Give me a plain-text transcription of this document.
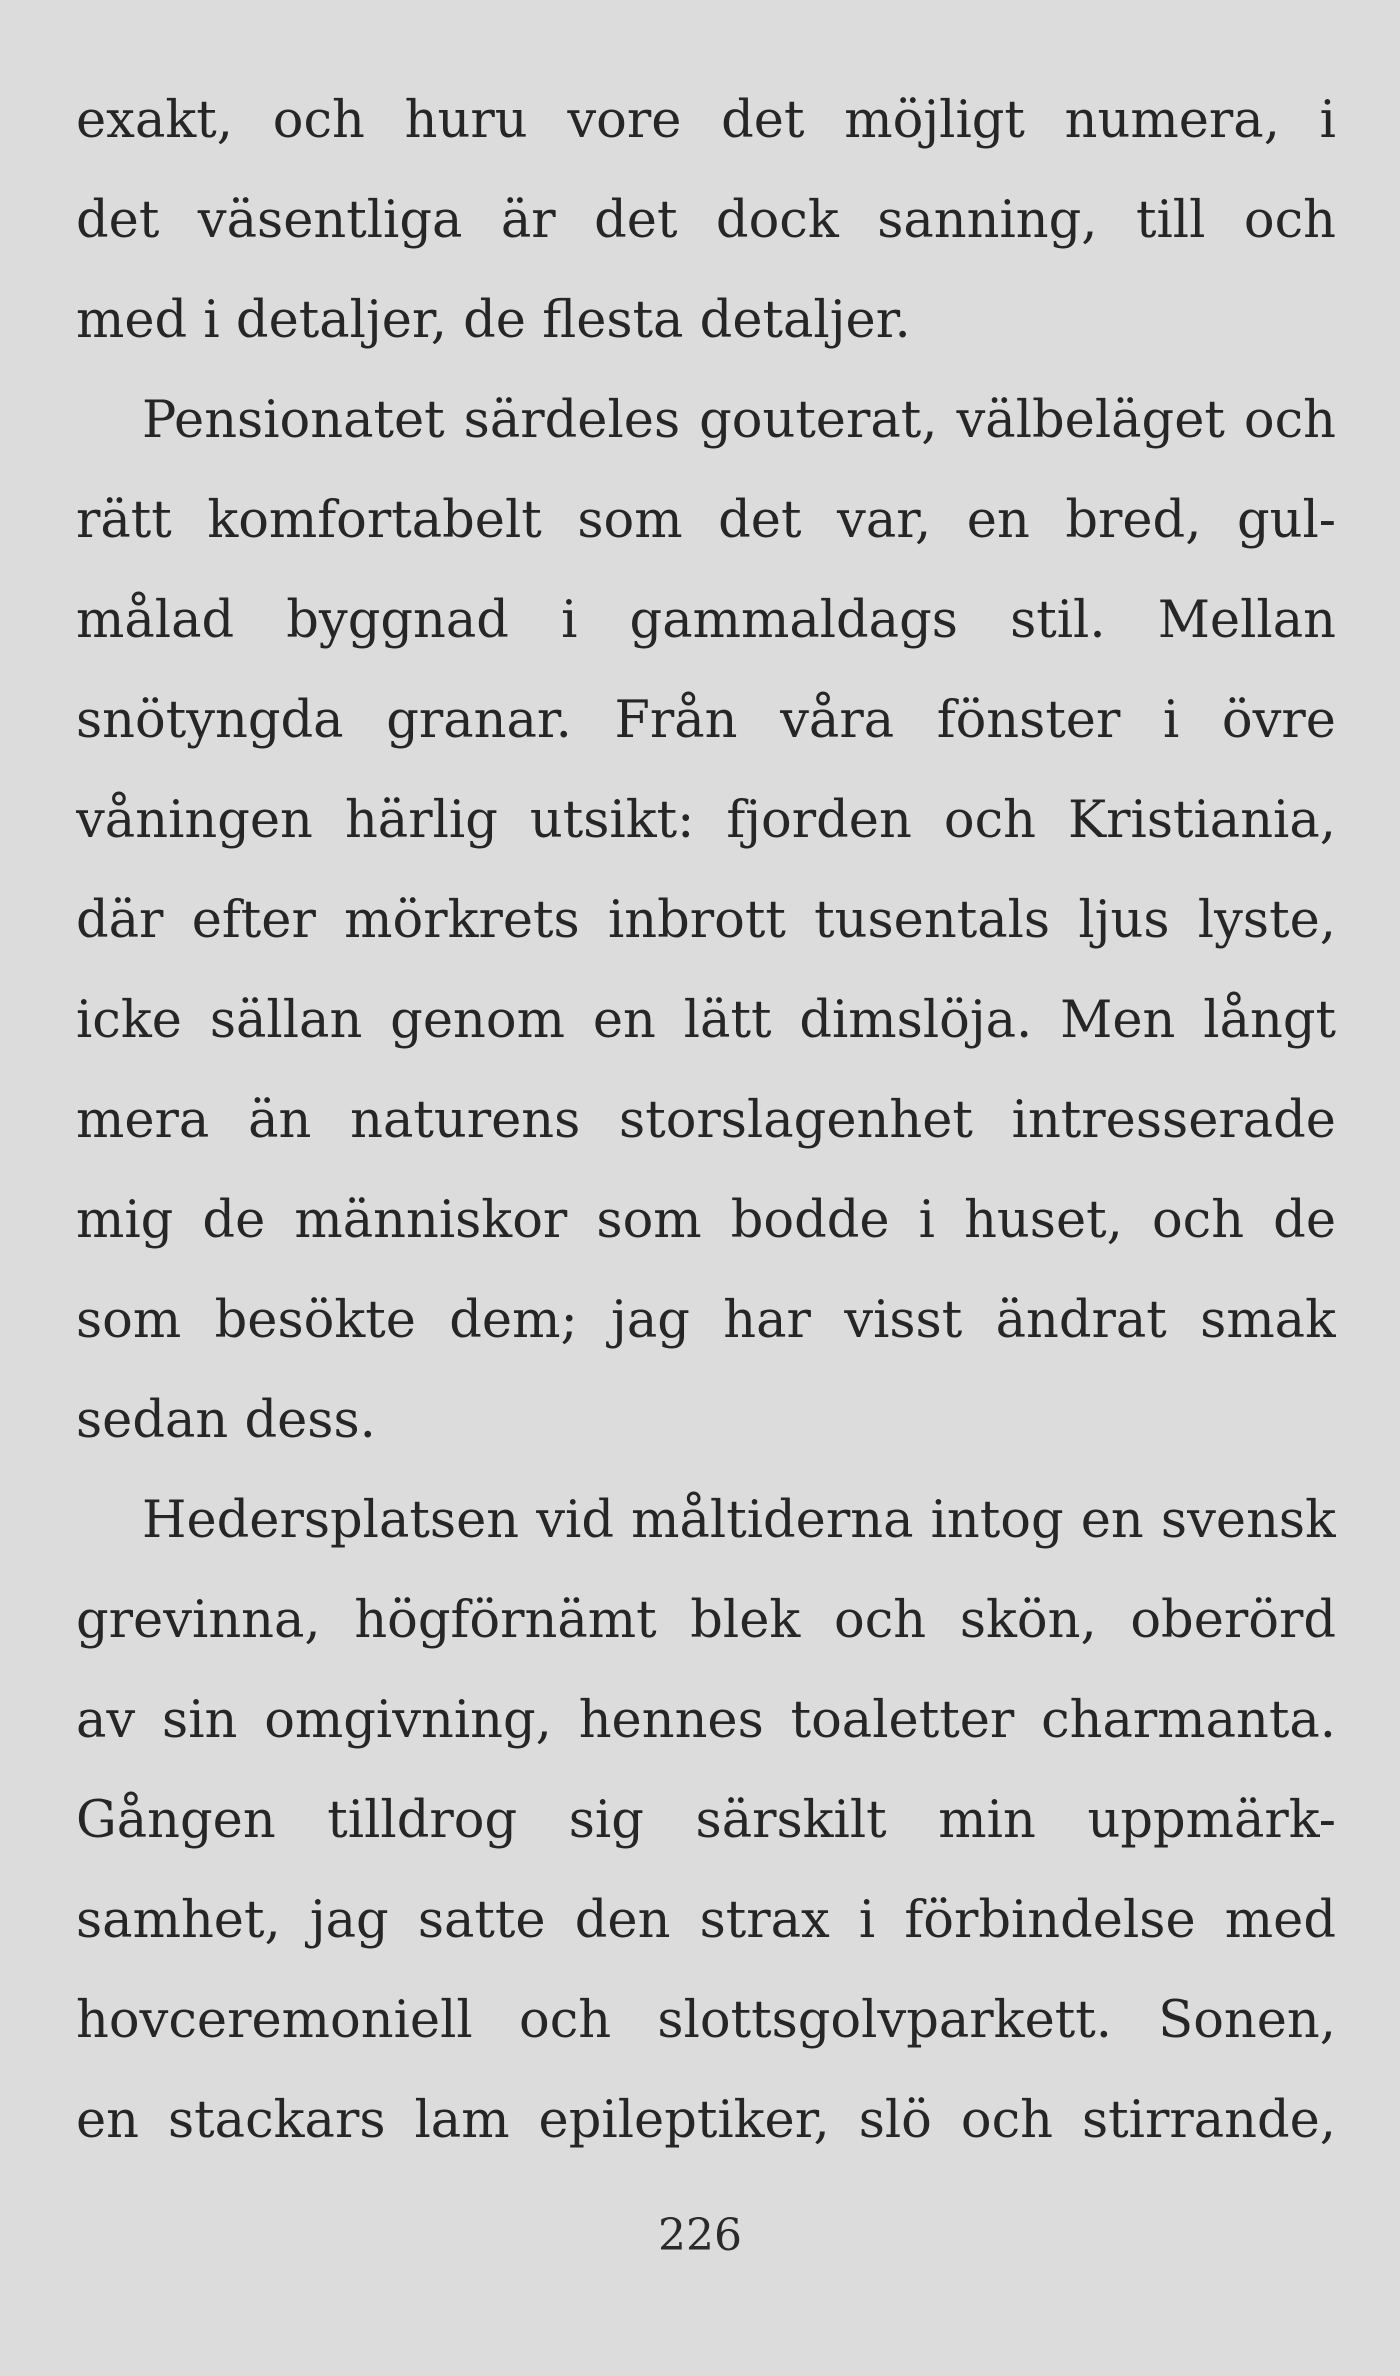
exakt, och huru vore det möjligt numera, i
det väsentliga är det dock sanning, till och
med i detaljer, de flesta detaljer.
Pensionatet särdeles gouterat, välbeläget och
rätt komfortabelt som det var, en bred, gul-
målad byggnad i gammaldags stil. Mellan
snötyngda granar. Från våra fönster i övre
våningen härlig utsikt: fjorden och Kristiania,
där efter mörkrets inbrott tusentals ljus lyste,
icke sällan genom en lätt dimslöja. Men långt
mera än naturens storslagenhet intresserade
mig de människor som bodde i huset, och de
som besökte dem; jag har visst ändrat smak
sedan dess.
Hedersplatsen vid måltiderna intog en svensk
grevinna, högförnämt blek och skön, oberörd
av sin omgivning, hennes toaletter charmanta.
Gången tilldrog sig särskilt min uppmärk-
samhet, jag satte den strax i förbindelse med
hovceremoniell och slottsgolvparkett. Sonen,
en stackars lam epileptiker, slö och stirrande,
226
